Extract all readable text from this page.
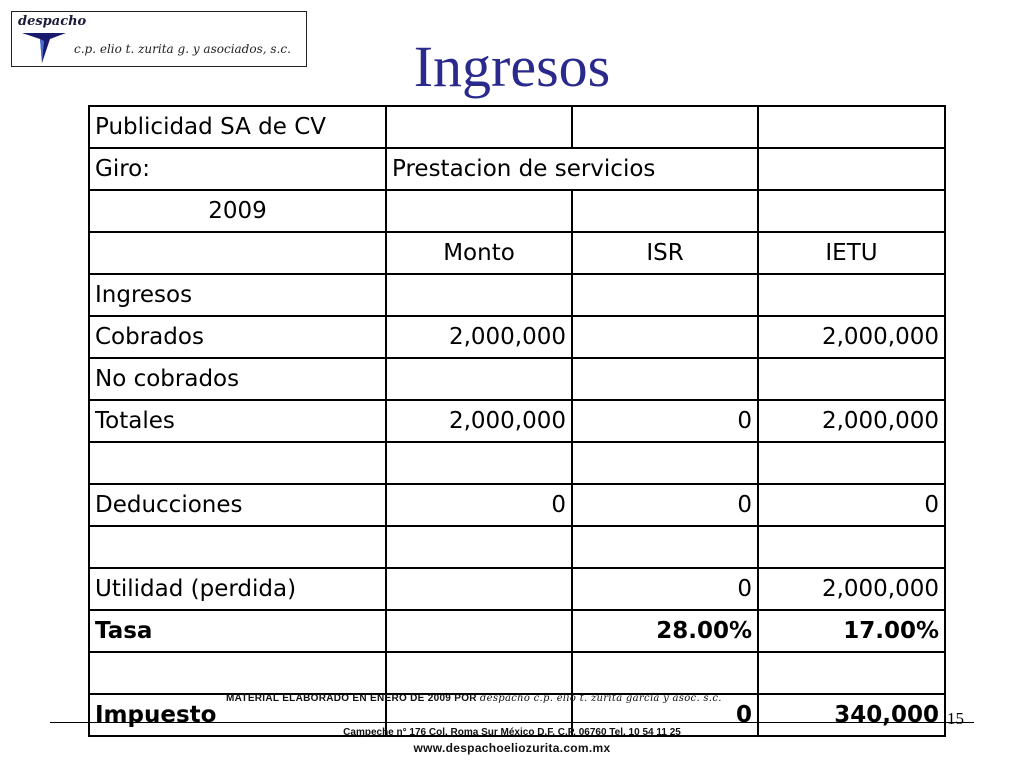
despacho
c.p. elio t. zurita g. y asociados, s.c.	Ingresos
Publicidad SA de CV			
Giro:	Prestacion de servicios		
2009			
	Monto	ISR	IETU
Ingresos			
Cobrados	2,000,000		2,000,000
No cobrados			
Totales	2,000,000	0	2,000,000

Deducciones	0	0	0

Utilidad (perdida)		0	2,000,000
Tasa		28.00%	17.00%

Impuesto		0	340,000
MATERIAL ELABORADO EN ENERO DE 2009 POR despacho c.p. elio t. zurita garcía y asoc. s.c.
15
Campeche n° 176 Col. Roma Sur México D.F. C.P. 06760 Tel. 10 54 11 25
www.despachoeliozurita.com.mx
